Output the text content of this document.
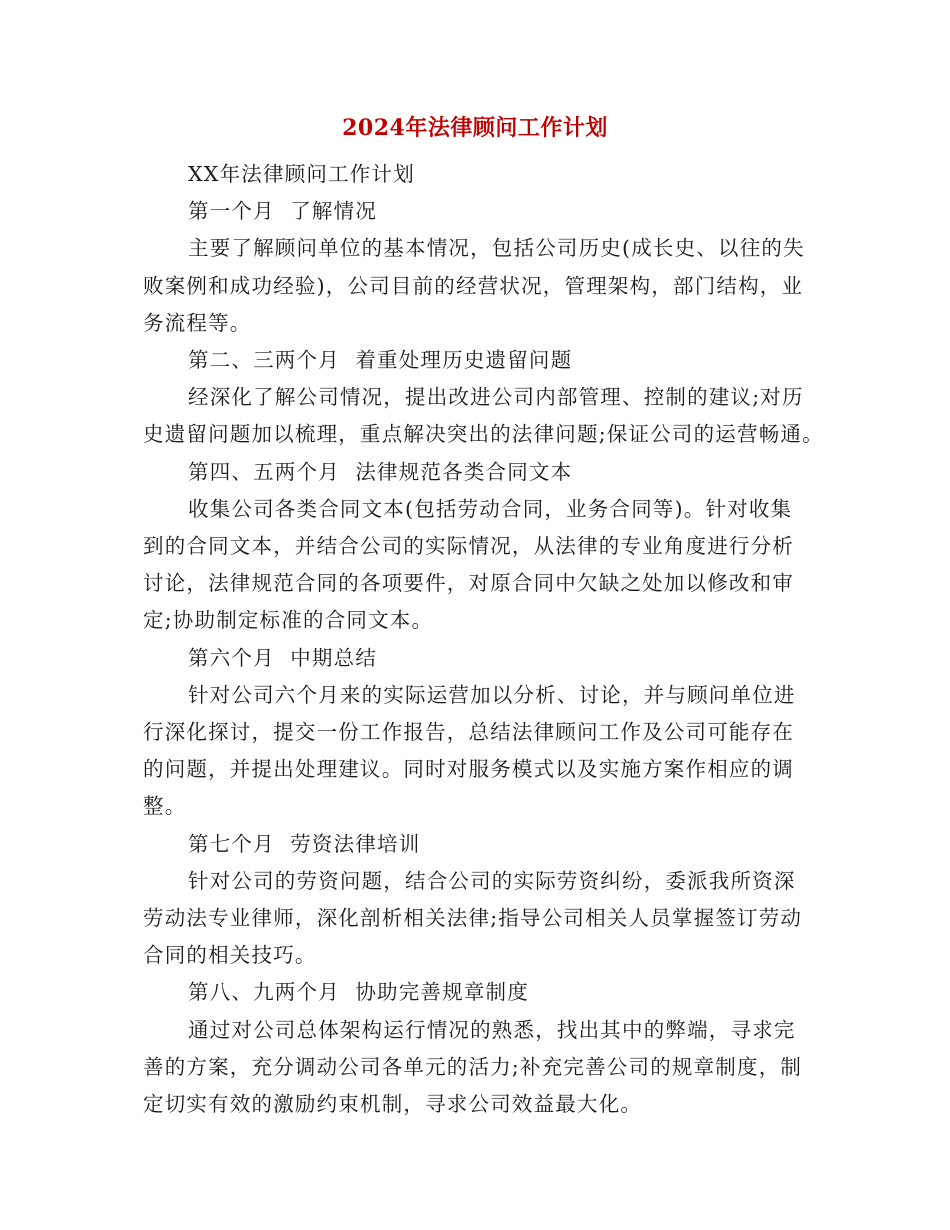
2024年法律顾问工作计划
XX年法律顾问工作计划
第一个月  了解情况
主要了解顾问单位的基本情况，包括公司历史(成长史、以往的失
败案例和成功经验)，公司目前的经营状况，管理架构，部门结构，业
务流程等。
第二、三两个月  着重处理历史遗留问题
经深化了解公司情况，提出改进公司内部管理、控制的建议;对历
史遗留问题加以梳理，重点解决突出的法律问题;保证公司的运营畅通。
第四、五两个月  法律规范各类合同文本
收集公司各类合同文本(包括劳动合同，业务合同等)。针对收集
到的合同文本，并结合公司的实际情况，从法律的专业角度进行分析
讨论，法律规范合同的各项要件，对原合同中欠缺之处加以修改和审
定;协助制定标准的合同文本。
第六个月  中期总结
针对公司六个月来的实际运营加以分析、讨论，并与顾问单位进
行深化探讨，提交一份工作报告，总结法律顾问工作及公司可能存在
的问题，并提出处理建议。同时对服务模式以及实施方案作相应的调
整。
第七个月  劳资法律培训
针对公司的劳资问题，结合公司的实际劳资纠纷，委派我所资深
劳动法专业律师，深化剖析相关法律;指导公司相关人员掌握签订劳动
合同的相关技巧。
第八、九两个月  协助完善规章制度
通过对公司总体架构运行情况的熟悉，找出其中的弊端，寻求完
善的方案，充分调动公司各单元的活力;补充完善公司的规章制度，制
定切实有效的激励约束机制，寻求公司效益最大化。
